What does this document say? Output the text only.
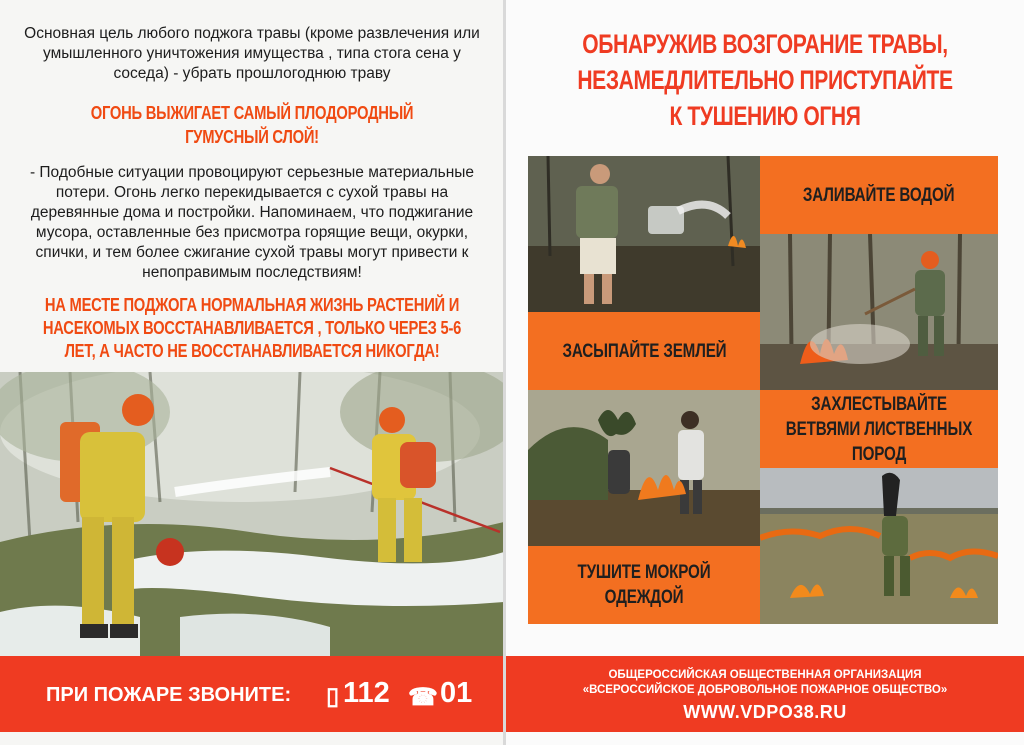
Основная цель любого поджога травы (кроме развлечения или умышленного уничтожения имущества , типа стога сена у соседа) - убрать прошлогоднюю траву
ОГОНЬ ВЫЖИГАЕТ САМЫЙ ПЛОДОРОДНЫЙ ГУМУСНЫЙ СЛОЙ!
- Подобные ситуации провоцируют серьезные материальные потери. Огонь легко перекидывается с сухой травы на деревянные дома и постройки. Напоминаем, что поджигание мусора, оставленные без присмотра горящие вещи, окурки, спички, и тем более сжигание сухой травы могут привести к непоправимым последствиям!
НА МЕСТЕ ПОДЖОГА НОРМАЛЬНАЯ ЖИЗНЬ РАСТЕНИЙ И НАСЕКОМЫХ ВОССТАНАВЛИВАЕТСЯ , ТОЛЬКО ЧЕРЕЗ 5-6 ЛЕТ, А ЧАСТО НЕ ВОССТАНАВЛИВАЕТСЯ НИКОГДА!
ПРИ ПОЖАРЕ ЗВОНИТЕ: ▯ 112 ☎ 01
ОБНАРУЖИВ ВОЗГОРАНИЕ ТРАВЫ, НЕЗАМЕДЛИТЕЛЬНО ПРИСТУПАЙТЕ К ТУШЕНИЮ ОГНЯ
ЗАЛИВАЙТЕ ВОДОЙ
ЗАСЫПАЙТЕ ЗЕМЛЕЙ
ЗАХЛЕСТЫВАЙТЕ ВЕТВЯМИ ЛИСТВЕННЫХ ПОРОД
ТУШИТЕ МОКРОЙ ОДЕЖДОЙ
ОБЩЕРОССИЙСКАЯ ОБЩЕСТВЕННАЯ ОРГАНИЗАЦИЯ
«ВСЕРОССИЙСКОЕ ДОБРОВОЛЬНОЕ ПОЖАРНОЕ ОБЩЕСТВО»
WWW.VDPO38.RU
